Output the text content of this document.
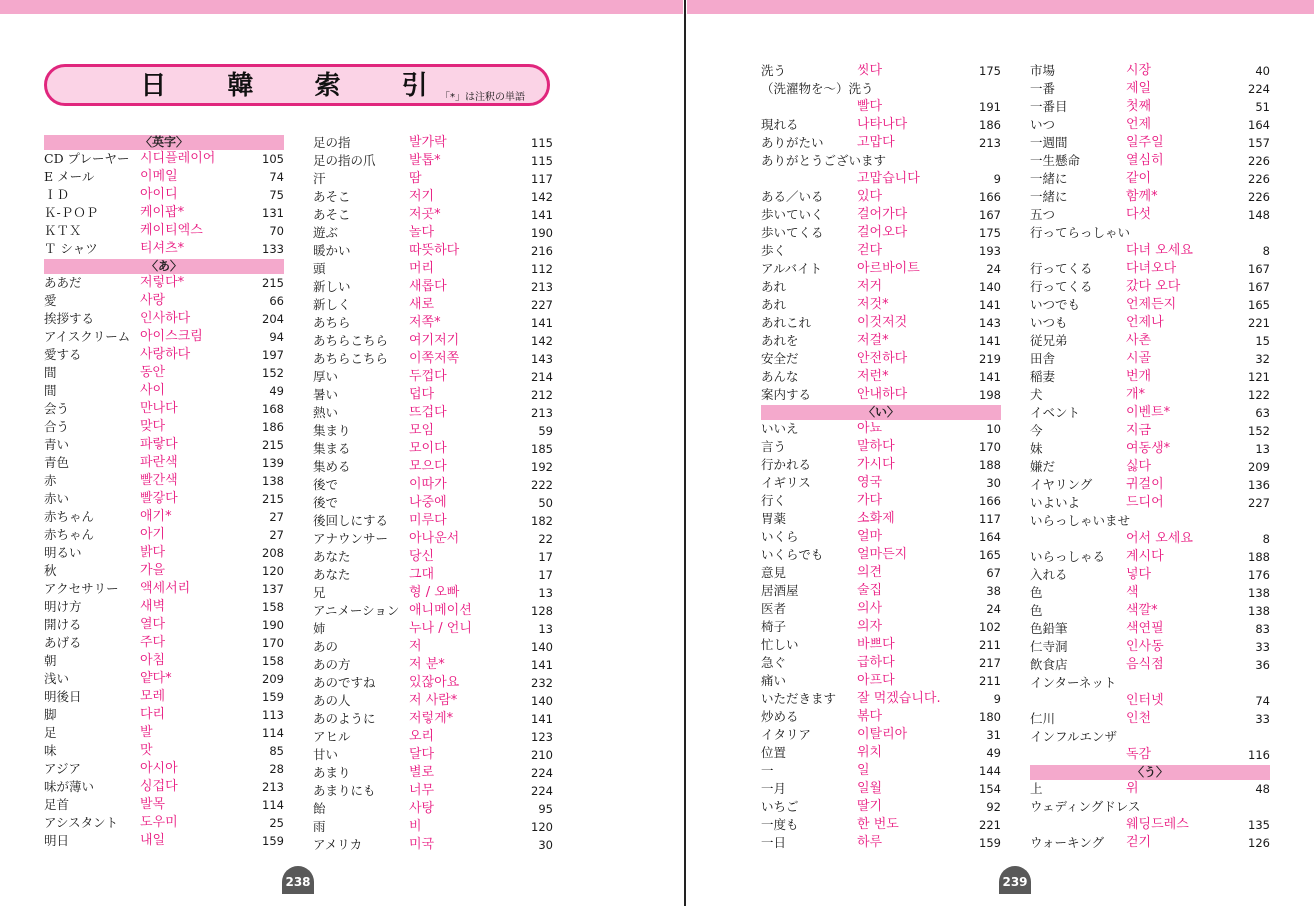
日 韓 索 引
「*」は注釈の単語
〈英字〉
CD プレーヤー 시디플레이어	105
E メール	이메일	74
ＩＤ	아이디	75
Ｋ-ＰＯＰ	케이팝*	131
ＫＴＸ	케이티엑스	70
Ｔ シャツ	티셔츠*	133
〈あ〉
ああだ	저렇다*	215
愛	사랑	66
挨拶する	인사하다	204
アイスクリーム 아이스크림	94
愛する	사랑하다	197
間	동안	152
間	사이	49
会う	만나다	168
合う	맞다	186
青い	파랗다	215
青色	파란색	139
赤	빨간색	138
赤い	빨갛다	215
赤ちゃん	애기*	27
赤ちゃん	아기	27
明るい	밝다	208
秋	가을	120
アクセサリー 액세서리	137
明け方	새벽	158
開ける	열다	190
あげる	주다	170
朝	아침	158
浅い	얕다*	209
明後日	모레	159
脚	다리	113
足	발	114
味	맛	85
アジア	아시아	28
味が薄い	싱겁다	213
足首	발목	114
アシスタント 도우미	25
明日	내일	159
足の指	발가락	115
足の指の爪	발톱*	115
汗	땀	117
あそこ	저기	142
あそこ	저곳*	141
遊ぶ	놀다	190
暖かい	따뜻하다	216
頭	머리	112
新しい	새롭다	213
新しく	새로	227
あちら	저쪽*	141
あちらこちら 여기저기	142
あちらこちら 이쪽저쪽	143
厚い	두껍다	214
暑い	덥다	212
熱い	뜨겁다	213
集まり	모임	59
集まる	모이다	185
集める	모으다	192
後で	이따가	222
後で	나중에	50
後回しにする 미루다	182
アナウンサー 아나운서	22
あなた	당신	17
あなた	그대	17
兄	형 / 오빠	13
アニメーション 애니메이션	128
姉	누나 / 언니	13
あの	저	140
あの方	저 분*	141
あのですね	있잖아요	232
あの人	저 사람*	140
あのように	저렇게*	141
アヒル	오리	123
甘い	달다	210
あまり	별로	224
あまりにも	너무	224
飴	사탕	95
雨	비	120
アメリカ	미국	30
洗う	씻다	175
（洗濯物を～）洗う
빨다	191
現れる	나타나다	186
ありがたい	고맙다	213
ありがとうございます
고맙습니다	9
ある／いる	있다	166
歩いていく	걸어가다	167
歩いてくる	걸어오다	175
歩く	걷다	193
アルバイト	아르바이트	24
あれ	저거	140
あれ	저것*	141
あれこれ	이것저것	143
あれを	저걸*	141
安全だ	안전하다	219
あんな	저런*	141
案内する	안내하다	198
〈い〉
いいえ	아뇨	10
言う	말하다	170
行かれる	가시다	188
イギリス	영국	30
行く	가다	166
胃薬	소화제	117
いくら	얼마	164
いくらでも	얼마든지	165
意見	의견	67
居酒屋	술집	38
医者	의사	24
椅子	의자	102
忙しい	바쁘다	211
急ぐ	급하다	217
痛い	아프다	211
いただきます 잘 먹겠습니다.	9
炒める	볶다	180
イタリア	이탈리아	31
位置	위치	49
一	일	144
一月	일월	154
いちご	딸기	92
一度も	한 번도	221
一日	하루	159
市場	시장	40
一番	제일	224
一番目	첫째	51
いつ	언제	164
一週間	일주일	157
一生懸命	열심히	226
一緒に	같이	226
一緒に	함께*	226
五つ	다섯	148
行ってらっしゃい
다녀 오세요	8
行ってくる	다녀오다	167
行ってくる	갔다 오다	167
いつでも	언제든지	165
いつも	언제나	221
従兄弟	사촌	15
田舎	시골	32
稲妻	번개	121
犬	개*	122
イベント	이벤트*	63
今	지금	152
妹	여동생*	13
嫌だ	싫다	209
イヤリング	귀걸이	136
いよいよ	드디어	227
いらっしゃいませ
어서 오세요	8
いらっしゃる 계시다	188
入れる	넣다	176
色	색	138
色	색깔*	138
色鉛筆	색연필	83
仁寺洞	인사동	33
飲食店	음식점	36
インターネット
인터넷	74
仁川	인천	33
インフルエンザ
독감	116
〈う〉
上	위	48
ウェディングドレス
웨딩드레스	135
ウォーキング 걷기	126
238	239
